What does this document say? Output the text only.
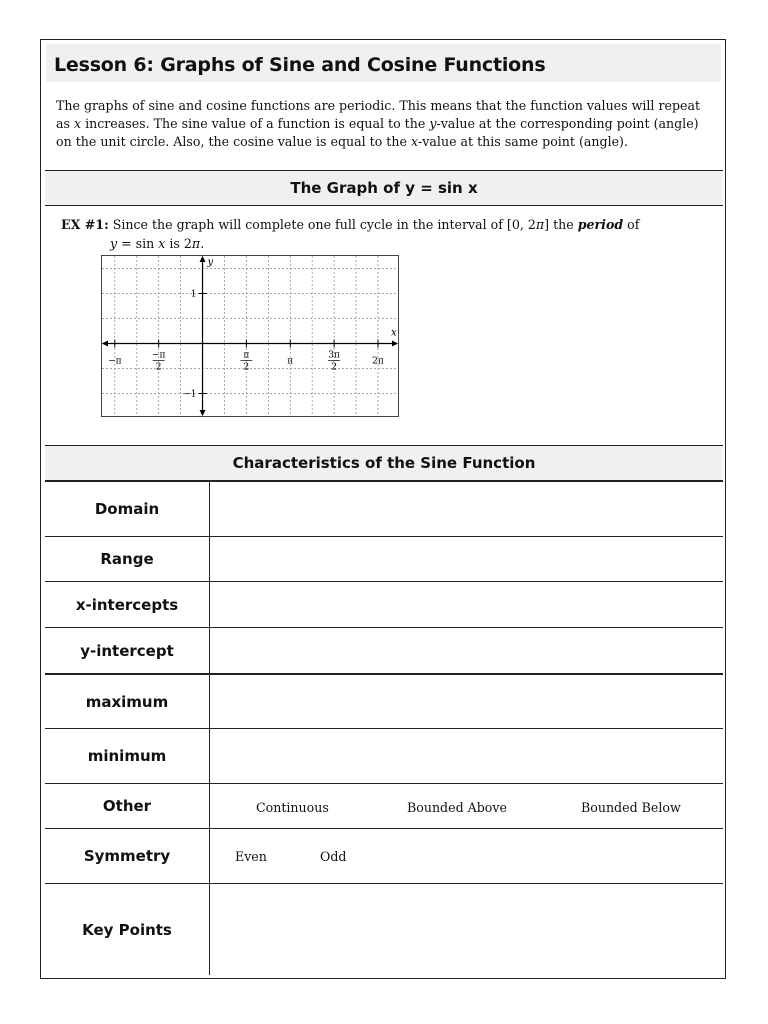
Lesson 6: Graphs of Sine and Cosine Functions
The graphs of sine and cosine functions are periodic. This means that the function values will repeat
as x increases. The sine value of a function is equal to the y-value at the corresponding point (angle)
on the unit circle. Also, the cosine value is equal to the x-value at this same point (angle).
The Graph of y = sin x
EX #1: Since the graph will complete one full cycle in the interval of [0, 2π] the period of
y = sin x is 2π.
x
y
−π
−π
2
π
2
π
3π
2
2π
1
−1
Characteristics of the Sine Function
Domain
Range
x-intercepts
y-intercept
maximum
minimum
Other	Continuous	Bounded Above	Bounded Below
Symmetry	Even	Odd
Key Points
